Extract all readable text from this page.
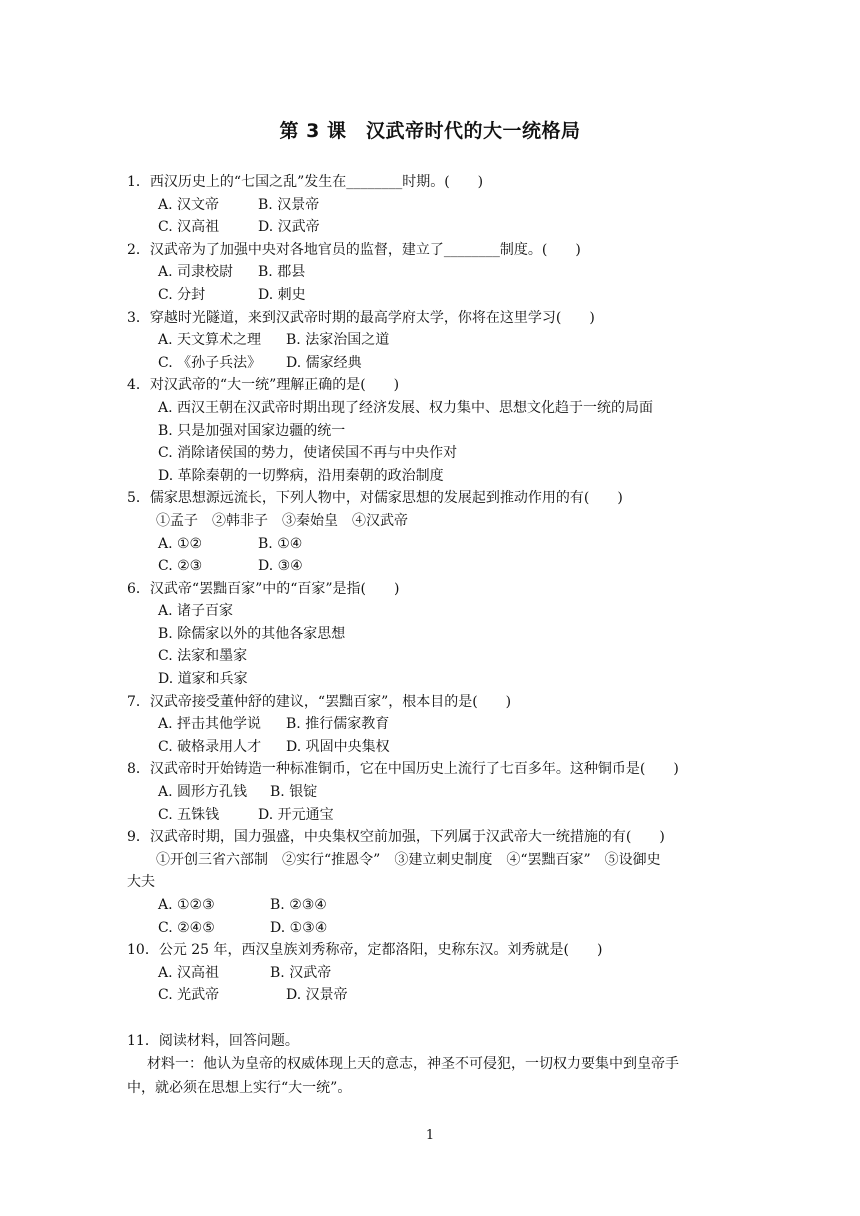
第 3 课　汉武帝时代的大一统格局
1．西汉历史上的“七国之乱”发生在________时期。(　　)
A. 汉文帝	B. 汉景帝
C. 汉高祖	D. 汉武帝
2．汉武帝为了加强中央对各地官员的监督，建立了________制度。(　　)
A. 司隶校尉 B. 郡县
C. 分封	D. 刺史
3．穿越时光隧道，来到汉武帝时期的最高学府太学，你将在这里学习(　　)
A. 天文算术之理 B. 法家治国之道
C. 《孙子兵法》 D. 儒家经典
4．对汉武帝的“大一统”理解正确的是(　　)
A. 西汉王朝在汉武帝时期出现了经济发展、权力集中、思想文化趋于一统的局面
B. 只是加强对国家边疆的统一
C. 消除诸侯国的势力，使诸侯国不再与中央作对
D. 革除秦朝的一切弊病，沿用秦朝的政治制度
5．儒家思想源远流长，下列人物中，对儒家思想的发展起到推动作用的有(　　)
①孟子　②韩非子　③秦始皇　④汉武帝
A. ①②	B. ①④
C. ②③	D. ③④
6．汉武帝“罢黜百家”中的“百家”是指(　　)
A. 诸子百家
B. 除儒家以外的其他各家思想
C. 法家和墨家
D. 道家和兵家
7．汉武帝接受董仲舒的建议，“罢黜百家”，根本目的是(　　)
A. 抨击其他学说 B. 推行儒家教育
C. 破格录用人才 D. 巩固中央集权
8．汉武帝时开始铸造一种标准铜币，它在中国历史上流行了七百多年。这种铜币是(　　)
A. 圆形方孔钱 B. 银锭
C. 五铢钱	D. 开元通宝
9．汉武帝时期，国力强盛，中央集权空前加强，下列属于汉武帝大一统措施的有(　　)
①开创三省六部制　②实行“推恩令”　③建立刺史制度　④“罢黜百家”　⑤设御史
大夫
A. ①②③	B. ②③④
C. ②④⑤	D. ①③④
10．公元 25 年，西汉皇族刘秀称帝，定都洛阳，史称东汉。刘秀就是(　　)
A. 汉高祖	B. 汉武帝
C. 光武帝	D. 汉景帝
11．阅读材料，回答问题。
材料一：他认为皇帝的权威体现上天的意志，神圣不可侵犯，一切权力要集中到皇帝手
中，就必须在思想上实行“大一统”。
1
